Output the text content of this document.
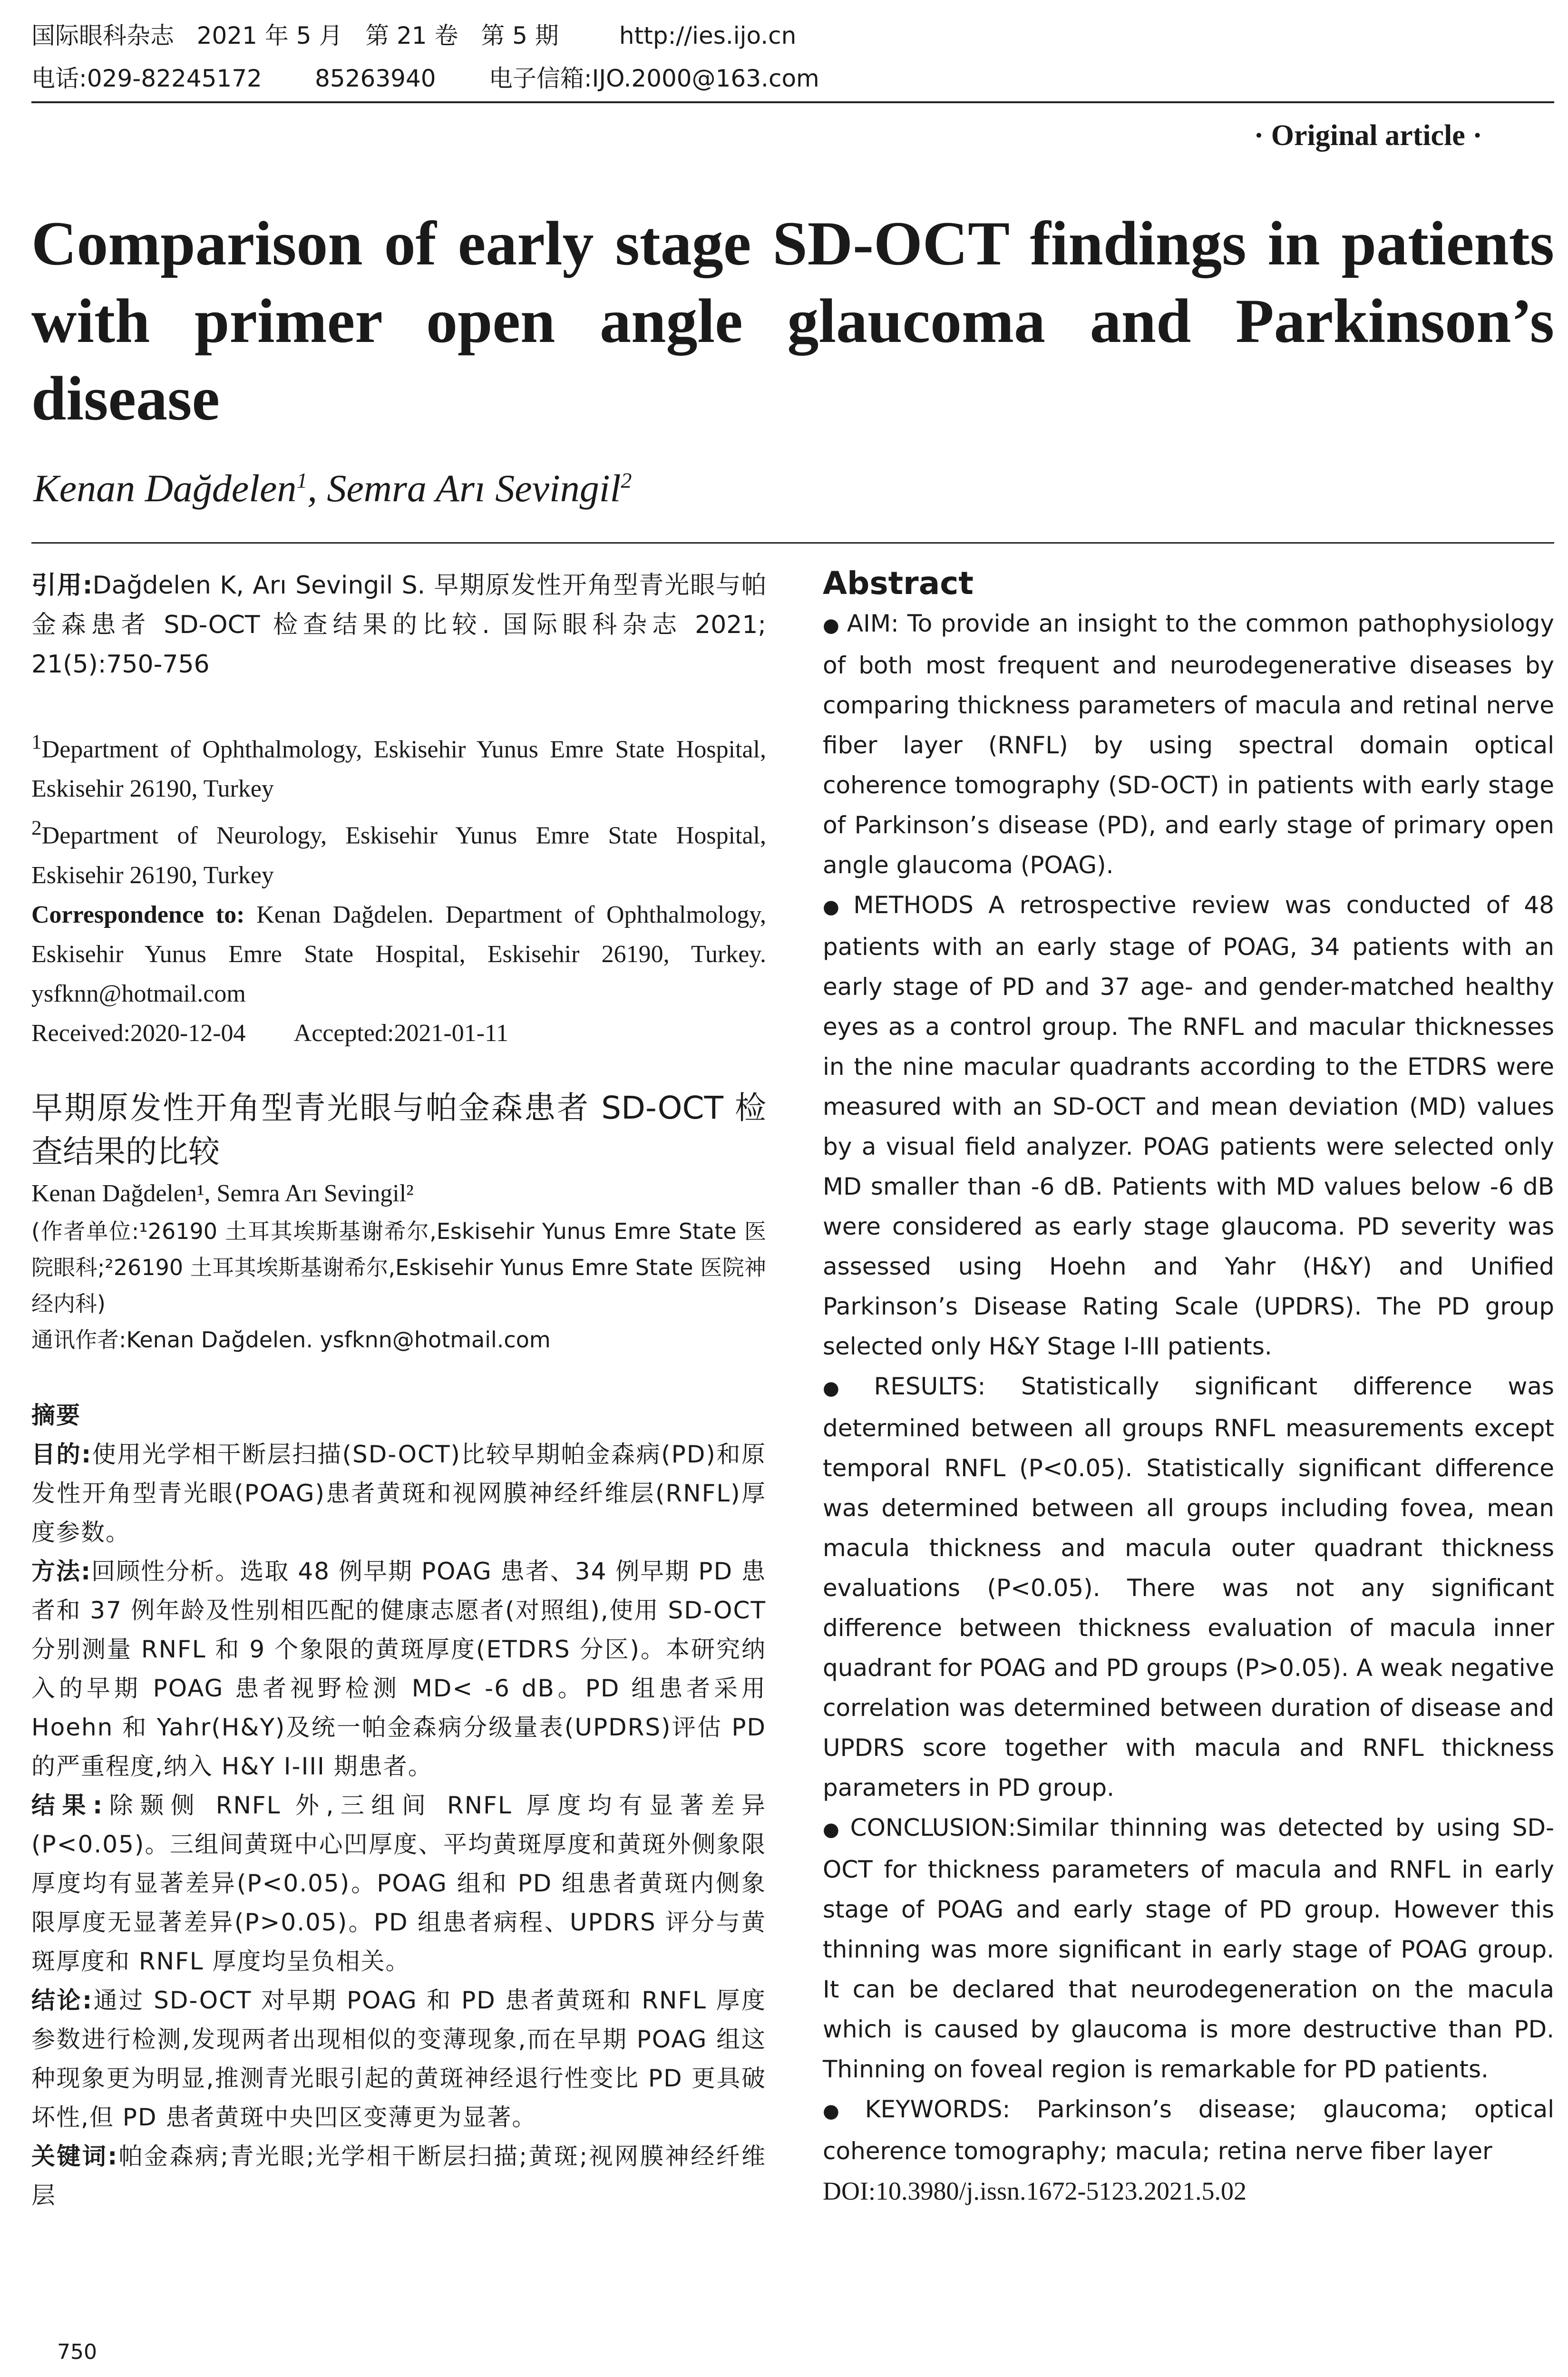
国际眼科杂志   2021 年 5 月   第 21 卷   第 5 期        http://ies.ijo.cn
电话:029-82245172       85263940       电子信箱:IJO.2000@163.com
· Original article ·
Comparison of early stage SD-OCT findings in patients with primer open angle glaucoma and Parkinson’s disease
Kenan Dağdelen$^1$, Semra Arı Sevingil$^2$

引用:Dağdelen K, Arı Sevingil S. 早期原发性开角型青光眼与帕金森患者 SD-OCT 检查结果的比较. 国际眼科杂志 2021; 21(5):750-756

$^1$Department of Ophthalmology, Eskisehir Yunus Emre State Hospital, Eskisehir 26190, Turkey

$^2$Department of Neurology, Eskisehir Yunus Emre State Hospital, Eskisehir 26190, Turkey

Correspondence to: Kenan Dağdelen. Department of Ophthalmology, Eskisehir Yunus Emre State Hospital, Eskisehir 26190, Turkey. ysfknn@hotmail.com

Received:2020-12-04        Accepted:2021-01-11

早期原发性开角型青光眼与帕金森患者 SD-OCT 检查结果的比较

Kenan Dağdelen¹, Semra Arı Sevingil²

(作者单位:¹26190 土耳其埃斯基谢希尔,Eskisehir Yunus Emre State 医院眼科;²26190 土耳其埃斯基谢希尔,Eskisehir Yunus Emre State 医院神经内科)

通讯作者:Kenan Dağdelen. ysfknn@hotmail.com

摘要

目的:使用光学相干断层扫描(SD-OCT)比较早期帕金森病(PD)和原发性开角型青光眼(POAG)患者黄斑和视网膜神经纤维层(RNFL)厚度参数。

方法:回顾性分析。选取 48 例早期 POAG 患者、34 例早期 PD 患者和 37 例年龄及性别相匹配的健康志愿者(对照组),使用 SD-OCT 分别测量 RNFL 和 9 个象限的黄斑厚度(ETDRS 分区)。本研究纳入的早期 POAG 患者视野检测 MD< -6 dB。PD 组患者采用 Hoehn 和 Yahr(H&Y)及统一帕金森病分级量表(UPDRS)评估 PD 的严重程度,纳入 H&Y I-III 期患者。

结果:除颞侧 RNFL 外,三组间 RNFL 厚度均有显著差异(P<0.05)。三组间黄斑中心凹厚度、平均黄斑厚度和黄斑外侧象限厚度均有显著差异(P<0.05)。POAG 组和 PD 组患者黄斑内侧象限厚度无显著差异(P>0.05)。PD 组患者病程、UPDRS 评分与黄斑厚度和 RNFL 厚度均呈负相关。

结论:通过 SD-OCT 对早期 POAG 和 PD 患者黄斑和 RNFL 厚度参数进行检测,发现两者出现相似的变薄现象,而在早期 POAG 组这种现象更为明显,推测青光眼引起的黄斑神经退行性变比 PD 更具破坏性,但 PD 患者黄斑中央凹区变薄更为显著。

关键词:帕金森病;青光眼;光学相干断层扫描;黄斑;视网膜神经纤维层

Abstract

● AIM: To provide an insight to the common pathophysiology of both most frequent and neurodegenerative diseases by comparing thickness parameters of macula and retinal nerve fiber layer (RNFL) by using spectral domain optical coherence tomography (SD-OCT) in patients with early stage of Parkinson’s disease (PD), and early stage of primary open angle glaucoma (POAG).

● METHODS A retrospective review was conducted of 48 patients with an early stage of POAG, 34 patients with an early stage of PD and 37 age- and gender-matched healthy eyes as a control group. The RNFL and macular thicknesses in the nine macular quadrants according to the ETDRS were measured with an SD-OCT and mean deviation (MD) values by a visual field analyzer. POAG patients were selected only MD smaller than -6 dB. Patients with MD values below -6 dB were considered as early stage glaucoma. PD severity was assessed using Hoehn and Yahr (H&Y) and Unified Parkinson’s Disease Rating Scale (UPDRS). The PD group selected only H&Y Stage I-III patients.

● RESULTS: Statistically significant difference was determined between all groups RNFL measurements except temporal RNFL (P<0.05). Statistically significant difference was determined between all groups including fovea, mean macula thickness and macula outer quadrant thickness evaluations (P<0.05). There was not any significant difference between thickness evaluation of macula inner quadrant for POAG and PD groups (P>0.05). A weak negative correlation was determined between duration of disease and UPDRS score together with macula and RNFL thickness parameters in PD group.

● CONCLUSION:Similar thinning was detected by using SD-OCT for thickness parameters of macula and RNFL in early stage of POAG and early stage of PD group. However this thinning was more significant in early stage of POAG group. It can be declared that neurodegeneration on the macula which is caused by glaucoma is more destructive than PD. Thinning on foveal region is remarkable for PD patients.

● KEYWORDS: Parkinson’s disease; glaucoma; optical coherence tomography; macula; retina nerve fiber layer

DOI:10.3980/j.issn.1672-5123.2021.5.02

750
